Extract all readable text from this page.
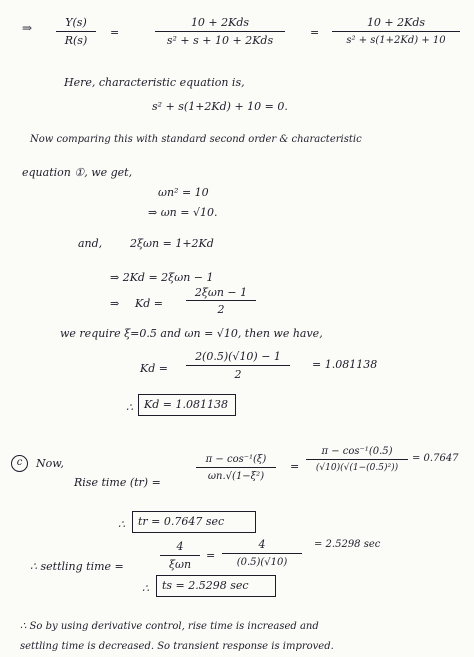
⇒	Y(s)
R(s)
=
10 + 2Kds
s² + s + 10 + 2Kds
=
10 + 2Kds
s² + s(1+2Kd) + 10
Here, characteristic equation is,
s² + s(1+2Kd) + 10 = 0.
Now comparing this with standard second order & characteristic
equation ①, we get,
ωn² = 10
⇒ ωn = √10.
and,	2ξωn = 1+2Kd
⇒ 2Kd = 2ξωn − 1
⇒ Kd =
2ξωn − 1
2
we require ξ=0.5 and ωn = √10, then we have,
Kd =
2(0.5)(√10) − 1
2
= 1.081138
∴ Kd = 1.081138
c	Now,
Rise time (tr) =
π − cos⁻¹(ξ)
ωn.√(1−ξ²)
=
π − cos⁻¹(0.5)
(√10)(√(1−(0.5)²))
= 0.7647
∴ tr = 0.7647 sec
∴ settling time =
4
ξωn
=
4
(0.5)(√10)
= 2.5298 sec
∴ ts = 2.5298 sec
∴ So by using derivative control, rise time is increased and
settling time is decreased. So transient response is improved.
